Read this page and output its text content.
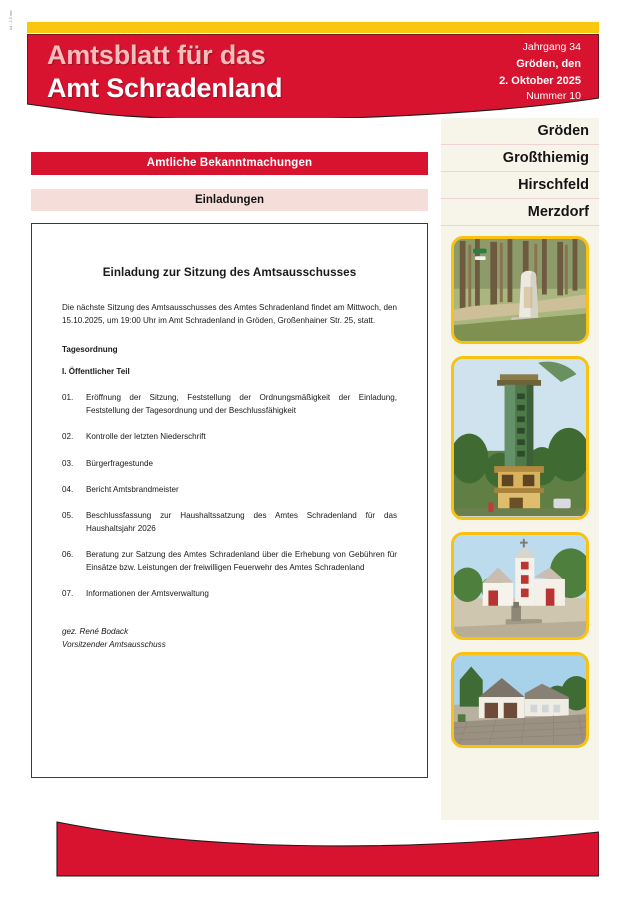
A4 - 2,5 mm
Amtsblatt für das
Amt Schradenland
Jahrgang 34
Gröden, den
2. Oktober 2025
Nummer 10
Gröden
Großthiemig
Hirschfeld
Merzdorf
Amtliche Bekanntmachungen
Einladungen
Einladung zur Sitzung des Amtsausschusses

Die nächste Sitzung des Amtsausschusses des Amtes Schradenland findet am Mittwoch, den 15.10.2025, um 19:00 Uhr im Amt Schradenland in Gröden, Großenhainer Str. 25, statt.

Tagesordnung
I. Öffentlicher Teil
01.	Eröffnung der Sitzung, Feststellung der Ordnungsmäßigkeit der Einladung, Feststellung der Tagesordnung und der Beschlussfähigkeit
02.	Kontrolle der letzten Niederschrift
03.	Bürgerfragestunde
04.	Bericht Amtsbrandmeister
05.	Beschlussfassung zur Haushaltssatzung des Amtes Schradenland für das Haushaltsjahr 2026
06.	Beratung zur Satzung des Amtes Schradenland über die Erhebung von Gebühren für Einsätze bzw. Leistungen der freiwilligen Feuerwehr des Amtes Schradenland
07.	Informationen der Amtsverwaltung
gez. René Bodack
Vorsitzender Amtsausschuss
